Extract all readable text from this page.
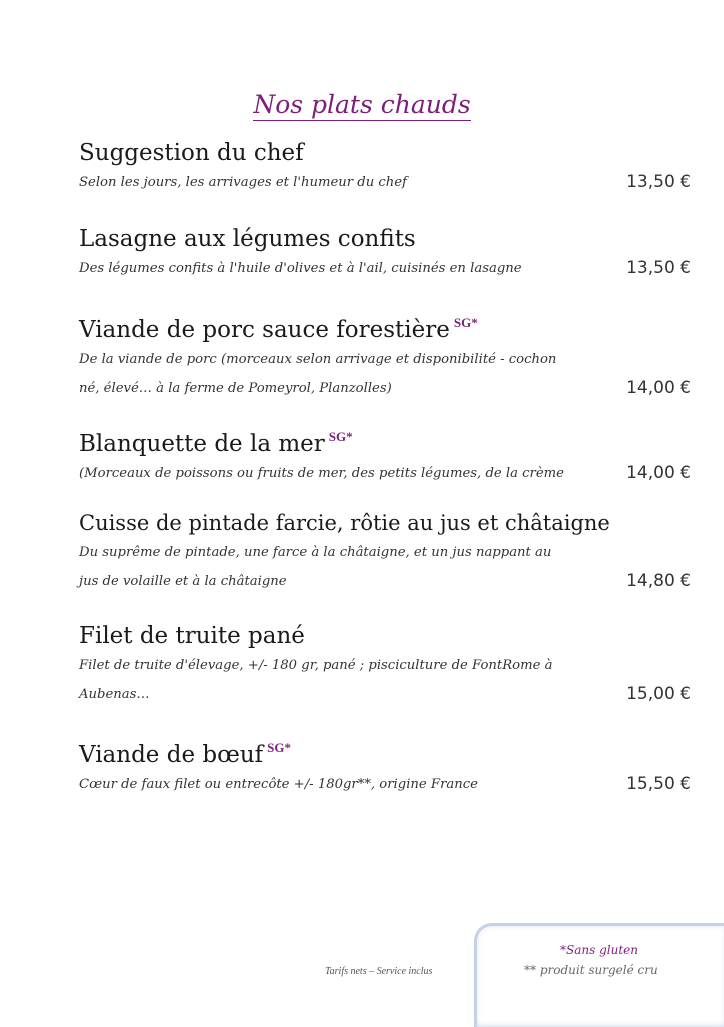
Nos plats chauds
Suggestion du chef
Selon les jours, les arrivages et l'humeur du chef	13,50 €
Lasagne aux légumes confits
Des légumes confits à l'huile d'olives et à l'ail, cuisinés en lasagne	13,50 €
Viande de porc sauce forestière $^{SG*}$
De la viande de porc (morceaux selon arrivage et disponibilité - cochon
né, élevé… à la ferme de Pomeyrol, Planzolles)	14,00 €
Blanquette de la mer $^{SG*}$
(Morceaux de poissons ou fruits de mer, des petits légumes, de la crème	14,00 €
Cuisse de pintade farcie, rôtie au jus et châtaigne
Du suprême de pintade, une farce à la châtaigne, et un jus nappant au
jus de volaille et à la châtaigne	14,80 €
Filet de truite pané
Filet de truite d'élevage, +/- 180 gr, pané ; pisciculture de FontRome à
Aubenas…	15,00 €
Viande de bœuf $^{SG*}$
Cœur de faux filet ou entrecôte +/- 180gr**, origine France	15,50 €
*Sans gluten
** produit surgelé cru
Tarifs nets – Service inclus
